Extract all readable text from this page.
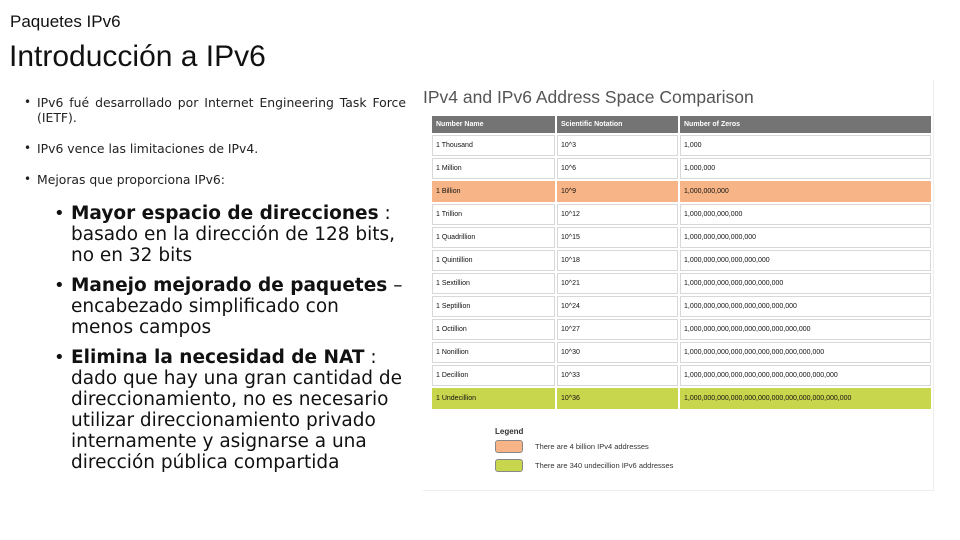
Paquetes IPv6
Introducción a IPv6
• IPv6 fué desarrollado por Internet Engineering Task Force (IETF).
• IPv6 vence las limitaciones de IPv4.
• Mejoras que proporciona IPv6:
• Mayor espacio de direcciones : basado en la dirección de 128 bits, no en 32 bits
• Manejo mejorado de paquetes – encabezado simplificado con menos campos
• Elimina la necesidad de NAT : dado que hay una gran cantidad de direccionamiento, no es necesario utilizar direccionamiento privado internamente y asignarse a una dirección pública compartida
IPv4 and IPv6 Address Space Comparison
Number Name	Scientific Notation	Number of Zeros
1 Thousand	10^3	1,000
1 Million	10^6	1,000,000
1 Billion	10^9	1,000,000,000
1 Trillion	10^12	1,000,000,000,000
1 Quadrillion	10^15	1,000,000,000,000,000
1 Quintillion	10^18	1,000,000,000,000,000,000
1 Sextillion	10^21	1,000,000,000,000,000,000,000
1 Septillion	10^24	1,000,000,000,000,000,000,000,000
1 Octillion	10^27	1,000,000,000,000,000,000,000,000,000
1 Nonillion	10^30	1,000,000,000,000,000,000,000,000,000,000
1 Decillion	10^33	1,000,000,000,000,000,000,000,000,000,000,000
1 Undecillion	10^36	1,000,000,000,000,000,000,000,000,000,000,000,000
Legend
There are 4 billion IPv4 addresses
There are 340 undecillion IPv6 addresses
